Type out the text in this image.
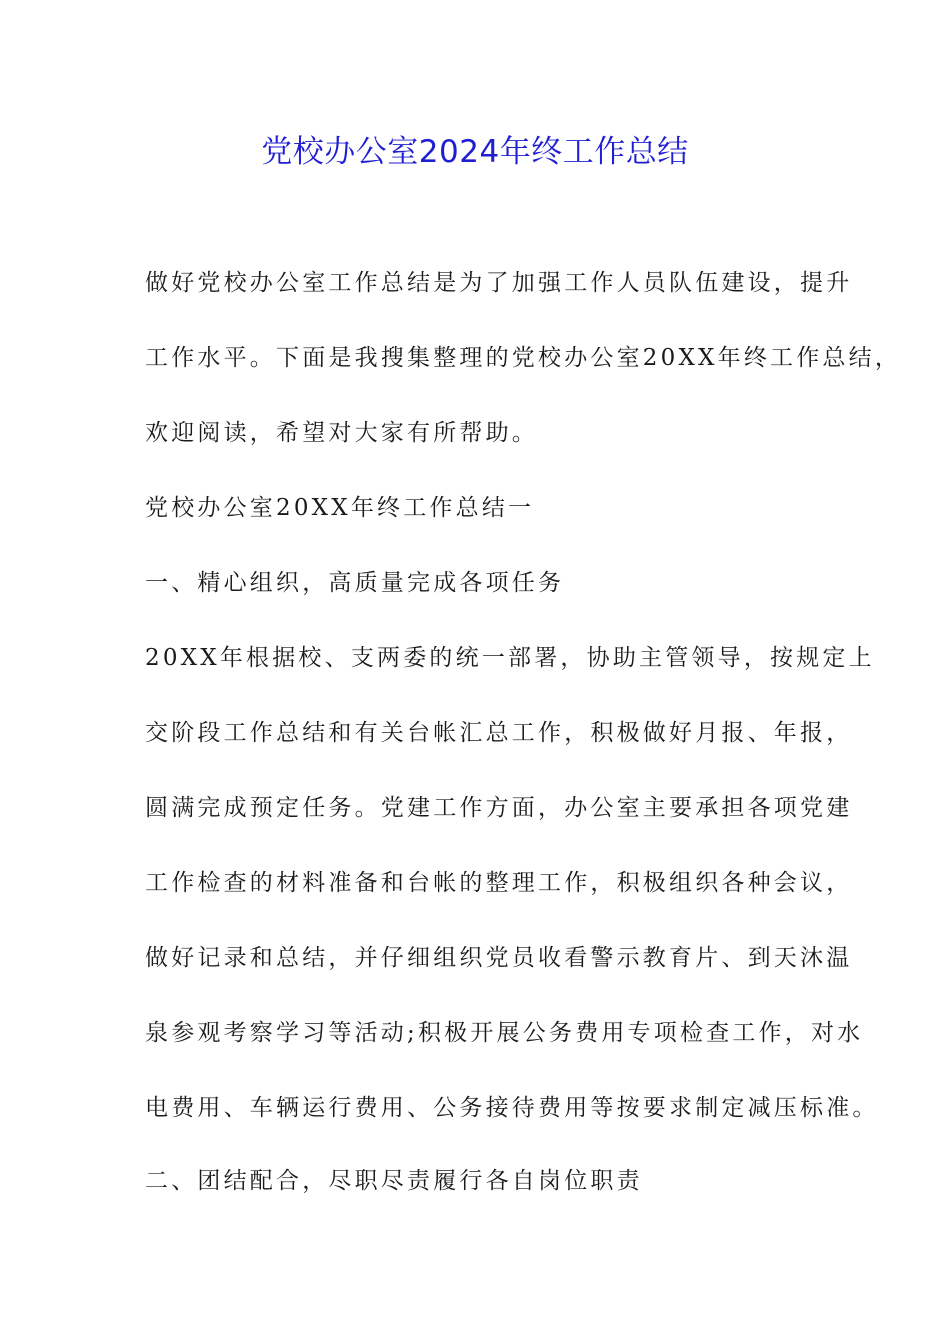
党校办公室2024年终工作总结
做好党校办公室工作总结是为了加强工作人员队伍建设，提升
工作水平。下面是我搜集整理的党校办公室20XX年终工作总结，
欢迎阅读，希望对大家有所帮助。
党校办公室20XX年终工作总结一
一、精心组织，高质量完成各项任务
20XX年根据校、支两委的统一部署，协助主管领导，按规定上
交阶段工作总结和有关台帐汇总工作，积极做好月报、年报，
圆满完成预定任务。党建工作方面，办公室主要承担各项党建
工作检查的材料准备和台帐的整理工作，积极组织各种会议，
做好记录和总结，并仔细组织党员收看警示教育片、到天沐温
泉参观考察学习等活动;积极开展公务费用专项检查工作，对水
电费用、车辆运行费用、公务接待费用等按要求制定减压标准。
二、团结配合，尽职尽责履行各自岗位职责
